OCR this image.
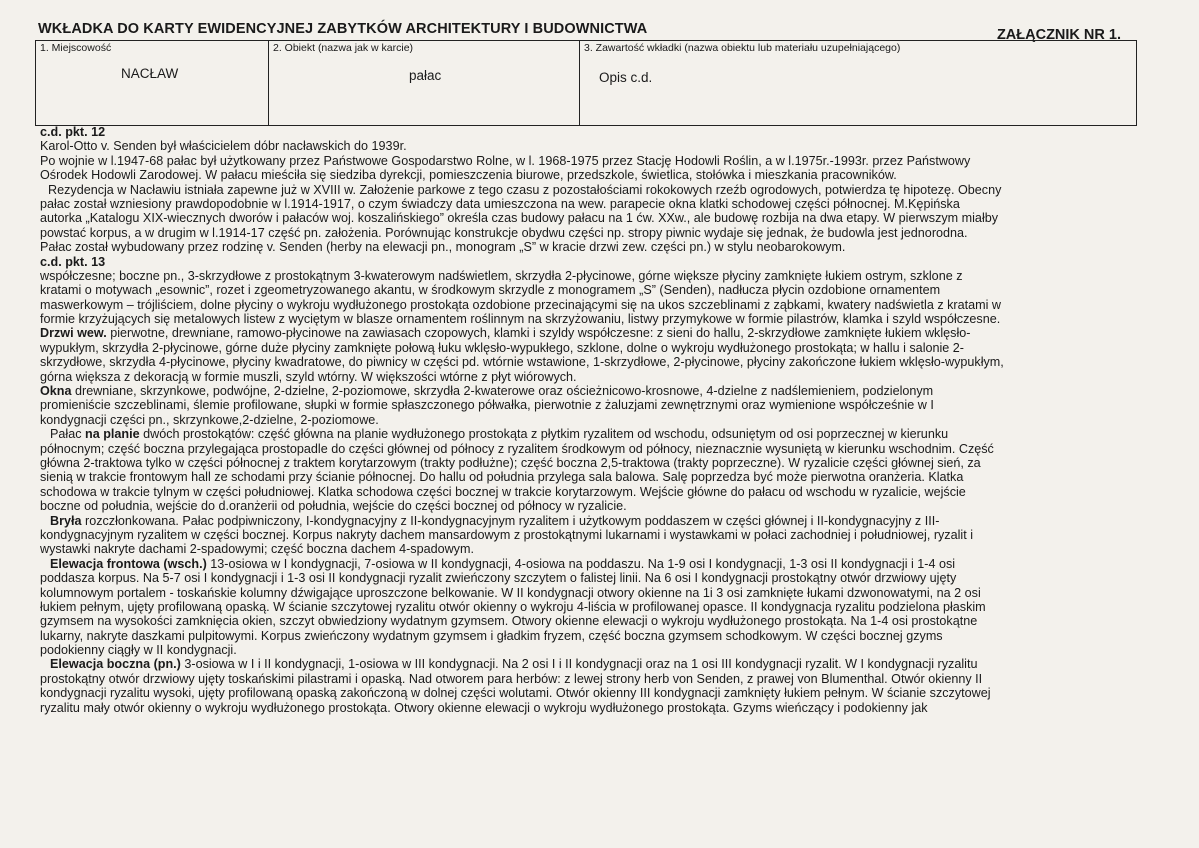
WKŁADKA DO KARTY EWIDENCYJNEJ ZABYTKÓW ARCHITEKTURY I BUDOWNICTWA	ZAŁĄCZNIK NR 1.
1. Miejscowość
NACŁAW
2. Obiekt (nazwa jak w karcie)
pałac
3. Zawartość wkładki (nazwa obiektu lub materiału uzupełniającego)
Opis c.d.
c.d. pkt. 12
Karol-Otto v. Senden był właścicielem dóbr nacławskich do 1939r.
Po wojnie w l.1947-68 pałac był użytkowany przez Państwowe Gospodarstwo Rolne, w l. 1968-1975 przez Stację Hodowli Roślin, a w l.1975r.-1993r. przez Państwowy
Ośrodek Hodowli Zarodowej. W pałacu mieściła się siedziba dyrekcji, pomieszczenia biurowe, przedszkole, świetlica, stołówka i mieszkania pracowników.
Rezydencja w Nacławiu istniała zapewne już w XVIII w. Założenie parkowe z tego czasu z pozostałościami rokokowych rzeźb ogrodowych, potwierdza tę hipotezę. Obecny
pałac został wzniesiony prawdopodobnie w l.1914-1917, o czym świadczy data umieszczona na wew. parapecie okna klatki schodowej części północnej. M.Kępińska
autorka „Katalogu XIX-wiecznych dworów i pałaców woj. koszalińskiego” określa czas budowy pałacu na 1 ćw. XXw., ale budowę rozbija na dwa etapy. W pierwszym miałby
powstać korpus, a w drugim w l.1914-17 część pn. założenia. Porównując konstrukcje obydwu części np. stropy piwnic wydaje się jednak, że budowla jest jednorodna.
Pałac został wybudowany przez rodzinę v. Senden (herby na elewacji pn., monogram „S” w kracie drzwi zew. części pn.) w stylu neobarokowym.
c.d. pkt. 13
współczesne; boczne pn., 3-skrzydłowe z prostokątnym 3-kwaterowym nadświetlem, skrzydła 2-płycinowe, górne większe płyciny zamknięte łukiem ostrym, szklone z
kratami o motywach „esownic”, rozet i zgeometryzowanego akantu, w środkowym skrzydle z monogramem „S” (Senden), nadłucza płycin ozdobione ornamentem
maswerkowym – trójliściem, dolne płyciny o wykroju wydłużonego prostokąta ozdobione przecinającymi się na ukos szczeblinami z ząbkami, kwatery nadświetla z kratami w
formie krzyżujących się metalowych listew z wyciętym w blasze ornamentem roślinnym na skrzyżowaniu, listwy przymykowe w formie pilastrów, klamka i szyld współczesne.
Drzwi wew. pierwotne, drewniane, ramowo-płycinowe na zawiasach czopowych, klamki i szyldy współczesne: z sieni do hallu, 2-skrzydłowe zamknięte łukiem wklęsło-
wypukłym, skrzydła 2-płycinowe, górne duże płyciny zamknięte połową łuku wklęsło-wypukłego, szklone, dolne o wykroju wydłużonego prostokąta; w hallu i salonie 2-
skrzydłowe, skrzydła 4-płycinowe, płyciny kwadratowe, do piwnicy w części pd. wtórnie wstawione, 1-skrzydłowe, 2-płycinowe, płyciny zakończone łukiem wklęsło-wypukłym,
górna większa z dekoracją w formie muszli, szyld wtórny. W większości wtórne z płyt wiórowych.
Okna drewniane, skrzynkowe, podwójne, 2-dzielne, 2-poziomowe, skrzydła 2-kwaterowe oraz ościeżnicowo-krosnowe, 4-dzielne z nadślemieniem, podzielonym
promieniście szczeblinami, ślemie profilowane, słupki w formie spłaszczonego półwałka, pierwotnie z żaluzjami zewnętrznymi oraz wymienione współcześnie w I
kondygnacji części pn., skrzynkowe,2-dzielne, 2-poziomowe.
Pałac na planie dwóch prostokątów: część główna na planie wydłużonego prostokąta z płytkim ryzalitem od wschodu, odsuniętym od osi poprzecznej w kierunku
północnym; część boczna przylegająca prostopadle do części głównej od północy z ryzalitem środkowym od północy, nieznacznie wysuniętą w kierunku wschodnim. Część
główna 2-traktowa tylko w części północnej z traktem korytarzowym (trakty podłużne); część boczna 2,5-traktowa (trakty poprzeczne). W ryzalicie części głównej sień, za
sienią w trakcie frontowym hall ze schodami przy ścianie północnej. Do hallu od południa przylega sala balowa. Salę poprzedza być może pierwotna oranżeria. Klatka
schodowa w trakcie tylnym w części południowej. Klatka schodowa części bocznej w trakcie korytarzowym. Wejście główne do pałacu od wschodu w ryzalicie, wejście
boczne od południa, wejście do d.oranżerii od południa, wejście do części bocznej od północy w ryzalicie.
Bryła rozczłonkowana. Pałac podpiwniczony, I-kondygnacyjny z II-kondygnacyjnym ryzalitem i użytkowym poddaszem w części głównej i II-kondygnacyjny z III-
kondygnacyjnym ryzalitem w części bocznej. Korpus nakryty dachem mansardowym z prostokątnymi lukarnami i wystawkami w połaci zachodniej i południowej, ryzalit i
wystawki nakryte dachami 2-spadowymi; część boczna dachem 4-spadowym.
Elewacja frontowa (wsch.) 13-osiowa w I kondygnacji, 7-osiowa w II kondygnacji, 4-osiowa na poddaszu. Na 1-9 osi I kondygnacji, 1-3 osi II kondygnacji i 1-4 osi
poddasza korpus. Na 5-7 osi I kondygnacji i 1-3 osi II kondygnacji ryzalit zwieńczony szczytem o falistej linii. Na 6 osi I kondygnacji prostokątny otwór drzwiowy ujęty
kolumnowym portalem - toskańskie kolumny dźwigające uproszczone belkowanie. W II kondygnacji otwory okienne na 1i 3 osi zamknięte łukami dzwonowatymi, na 2 osi
łukiem pełnym, ujęty profilowaną opaską. W ścianie szczytowej ryzalitu otwór okienny o wykroju 4-liścia w profilowanej opasce. II kondygnacja ryzalitu podzielona płaskim
gzymsem na wysokości zamknięcia okien, szczyt obwiedziony wydatnym gzymsem. Otwory okienne elewacji o wykroju wydłużonego prostokąta. Na 1-4 osi prostokątne
lukarny, nakryte daszkami pulpitowymi. Korpus zwieńczony wydatnym gzymsem i gładkim fryzem, część boczna gzymsem schodkowym. W części bocznej gzyms
podokienny ciągły w II kondygnacji.
Elewacja boczna (pn.) 3-osiowa w I i II kondygnacji, 1-osiowa w III kondygnacji. Na 2 osi I i II kondygnacji oraz na 1 osi III kondygnacji ryzalit. W I kondygnacji ryzalitu
prostokątny otwór drzwiowy ujęty toskańskimi pilastrami i opaską. Nad otworem para herbów: z lewej strony herb von Senden, z prawej von Blumenthal. Otwór okienny II
kondygnacji ryzalitu wysoki, ujęty profilowaną opaską zakończoną w dolnej części wolutami. Otwór okienny III kondygnacji zamknięty łukiem pełnym. W ścianie szczytowej
ryzalitu mały otwór okienny o wykroju wydłużonego prostokąta. Otwory okienne elewacji o wykroju wydłużonego prostokąta. Gzyms wieńczący i podokienny jak
